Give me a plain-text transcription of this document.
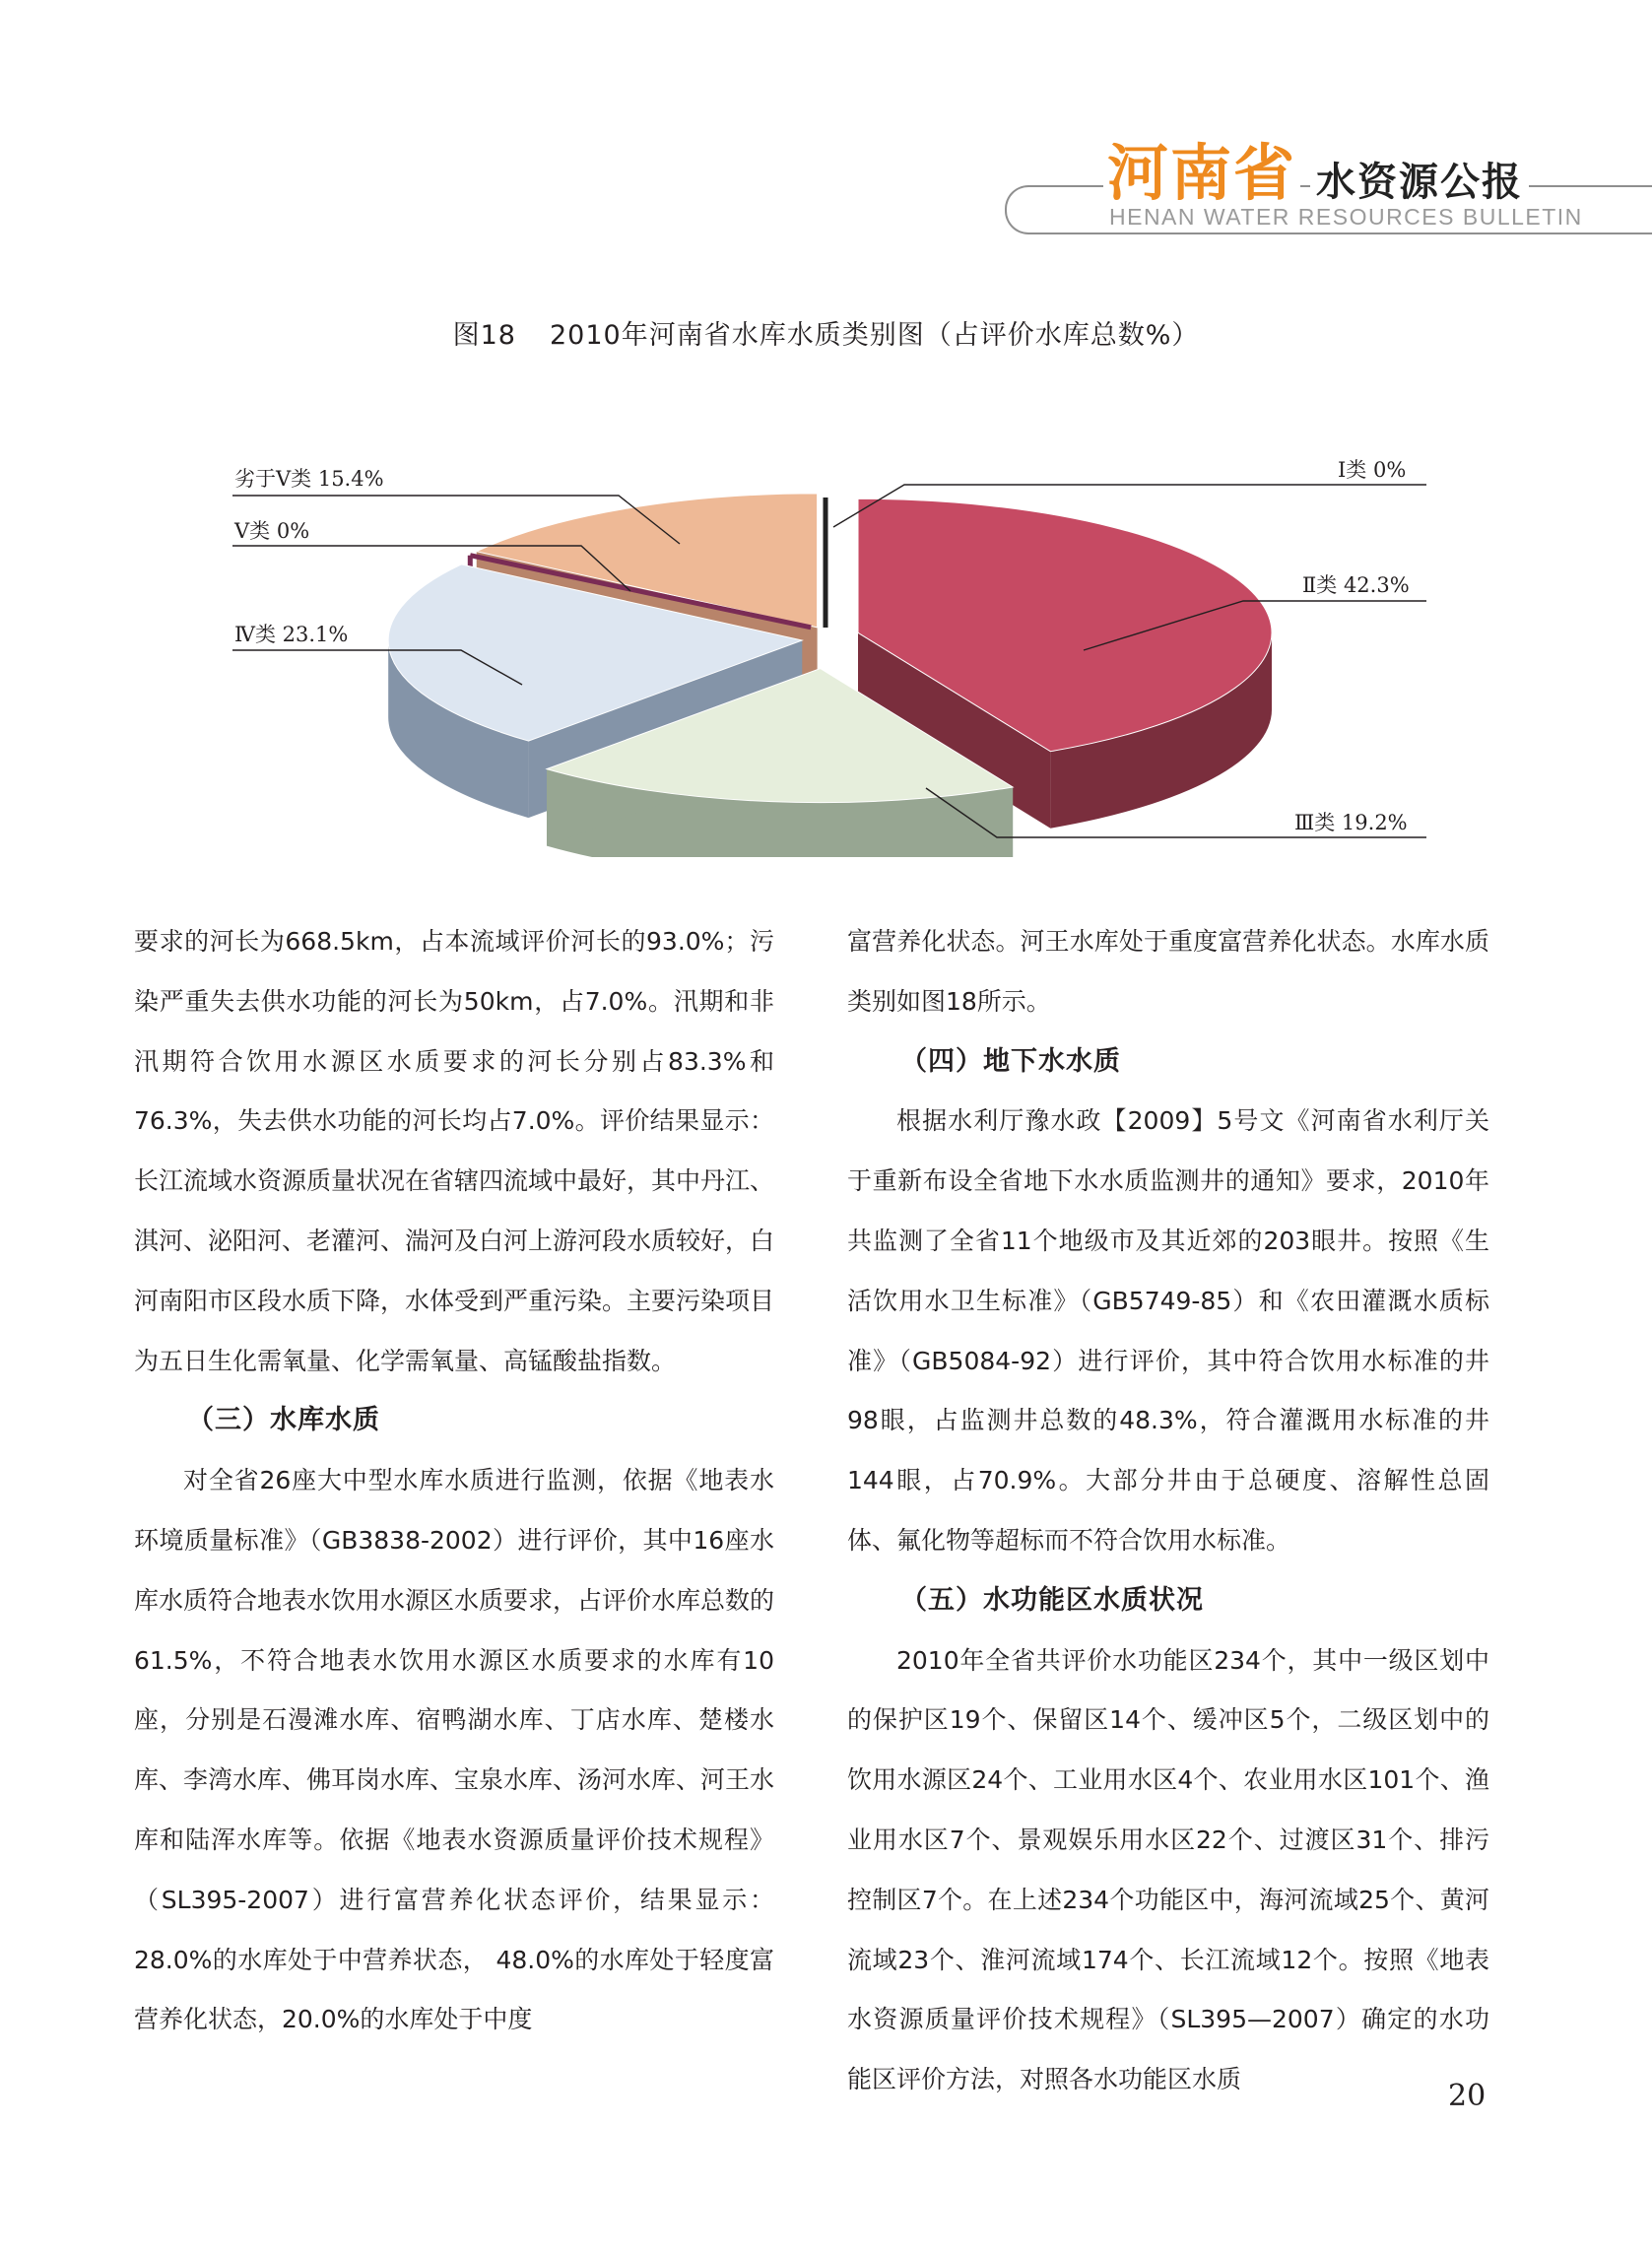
河南省 水资源公报
HENAN WATER RESOURCES BULLETIN
图18 2010年河南省水库水质类别图（占评价水库总数%）
Ⅰ类 0%
Ⅱ类 42.3%
Ⅲ类 19.2%
Ⅳ类 23.1%
Ⅴ类 0%
劣于Ⅴ类 15.4%

要求的河长为668.5km，占本流域评价河长的93.0%；污染严重失去供水功能的河长为50km，占7.0%。汛期和非汛期符合饮用水源区水质要求的河长分别占83.3%和76.3%，失去供水功能的河长均占7.0%。评价结果显示：长江流域水资源质量状况在省辖四流域中最好，其中丹江、淇河、泌阳河、老灌河、湍河及白河上游河段水质较好，白河南阳市区段水质下降，水体受到严重污染。主要污染项目为五日生化需氧量、化学需氧量、高锰酸盐指数。

（三）水库水质

对全省26座大中型水库水质进行监测，依据《地表水环境质量标准》（GB3838-2002）进行评价，其中16座水库水质符合地表水饮用水源区水质要求，占评价水库总数的61.5%，不符合地表水饮用水源区水质要求的水库有10座，分别是石漫滩水库、宿鸭湖水库、丁店水库、楚楼水库、李湾水库、佛耳岗水库、宝泉水库、汤河水库、河王水库和陆浑水库等。依据《地表水资源质量评价技术规程》（SL395-2007）进行富营养化状态评价，结果显示：28.0%的水库处于中营养状态， 48.0%的水库处于轻度富营养化状态，20.0%的水库处于中度

富营养化状态。河王水库处于重度富营养化状态。水库水质类别如图18所示。

（四）地下水水质

根据水利厅豫水政【2009】5号文《河南省水利厅关于重新布设全省地下水水质监测井的通知》要求，2010年共监测了全省11个地级市及其近郊的203眼井。按照《生活饮用水卫生标准》（GB5749-85）和《农田灌溉水质标准》（GB5084-92）进行评价，其中符合饮用水标准的井98眼，占监测井总数的48.3%，符合灌溉用水标准的井144眼，占70.9%。大部分井由于总硬度、溶解性总固体、氟化物等超标而不符合饮用水标准。

（五）水功能区水质状况

2010年全省共评价水功能区234个，其中一级区划中的保护区19个、保留区14个、缓冲区5个，二级区划中的饮用水源区24个、工业用水区4个、农业用水区101个、渔业用水区7个、景观娱乐用水区22个、过渡区31个、排污控制区7个。在上述234个功能区中，海河流域25个、黄河流域23个、淮河流域174个、长江流域12个。按照《地表水资源质量评价技术规程》（SL395—2007）确定的水功能区评价方法，对照各水功能区水质	20
